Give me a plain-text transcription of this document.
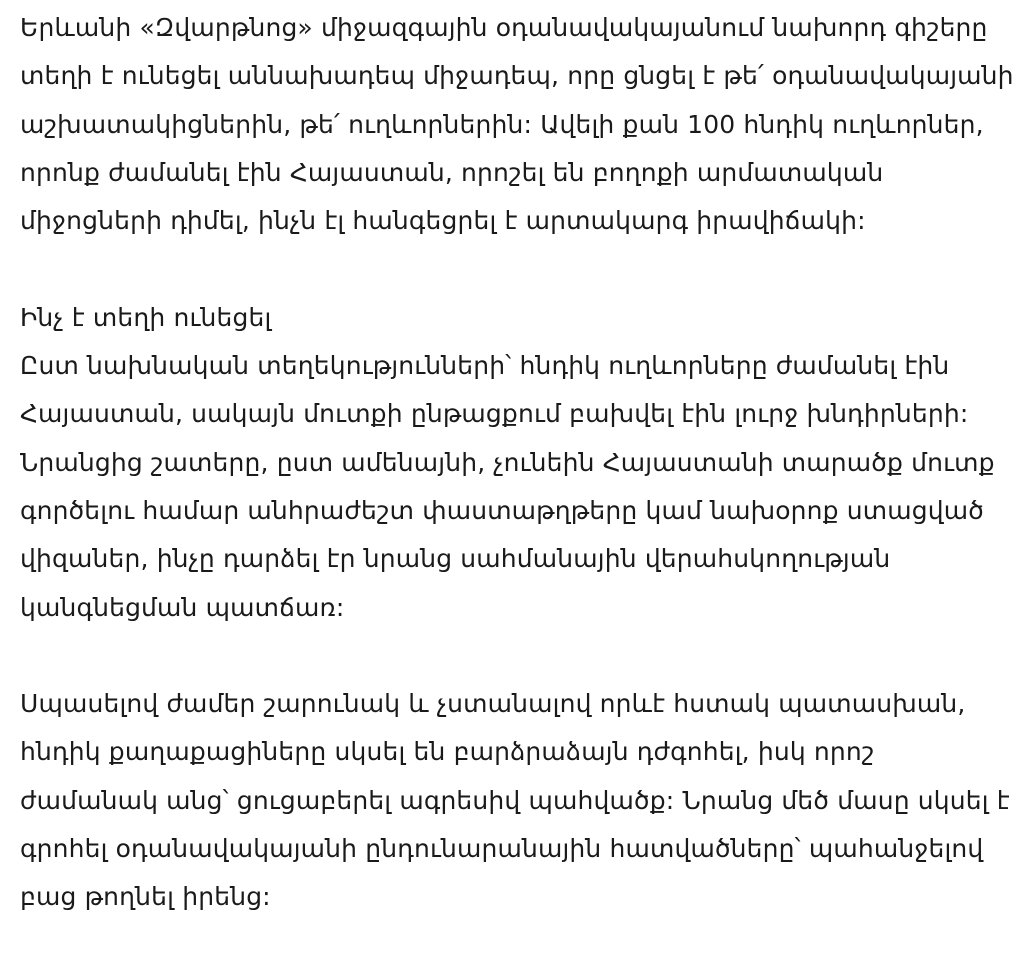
Երևանի «Զվարթնոց» միջազգային օդանավակայանում նախորդ գիշերը տեղի է ունեցել աննախադեպ միջադեպ, որը ցնցել է թե՛ օդանավակայանի աշխատակիցներին, թե՛ ուղևորներին: Ավելի քան 100 հնդիկ ուղևորներ, որոնք ժամանել էին Հայաստան, որոշել են բողոքի արմատական միջոցների դիմել, ինչն էլ հանգեցրել է արտակարգ իրավիճակի:

Ինչ է տեղի ունեցել

Ըստ նախնական տեղեկությունների՝ հնդիկ ուղևորները ժամանել էին Հայաստան, սակայն մուտքի ընթացքում բախվել էին լուրջ խնդիրների: Նրանցից շատերը, ըստ ամենայնի, չունեին Հայաստանի տարածք մուտք գործելու համար անհրաժեշտ փաստաթղթերը կամ նախօրոք ստացված վիզաներ, ինչը դարձել էր նրանց սահմանային վերահսկողության կանգնեցման պատճառ:

Սպասելով ժամեր շարունակ և չստանալով որևէ հստակ պատասխան, հնդիկ քաղաքացիները սկսել են բարձրաձայն դժգոհել, իսկ որոշ ժամանակ անց՝ ցուցաբերել ագրեսիվ պահվածք: Նրանց մեծ մասը սկսել է գրոհել օդանավակայանի ընդունարանային հատվածները՝ պահանջելով բաց թողնել իրենց:
